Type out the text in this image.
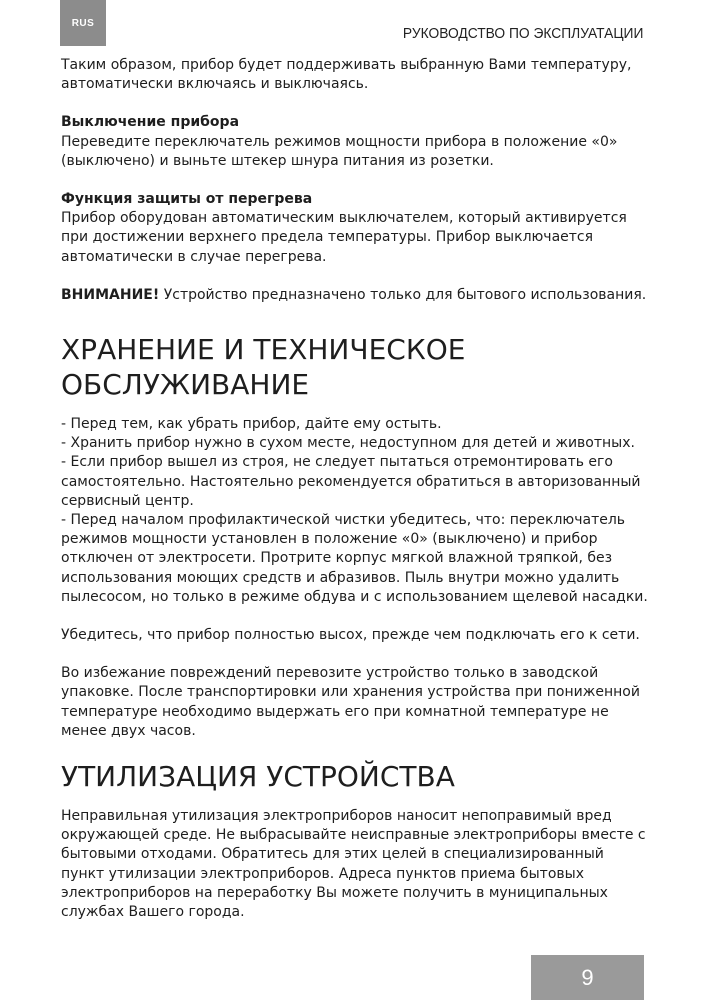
RUS
РУКОВОДСТВО ПО ЭКСПЛУАТАЦИИ

Таким образом, прибор будет поддерживать выбранную Вами температуру, автоматически включаясь и выключаясь.

Выключение прибора

Переведите переключатель режимов мощности прибора в положение «0» (выключено) и выньте штекер шнура питания из розетки.

Функция защиты от перегрева

Прибор оборудован автоматическим выключателем, который активируется при достижении верхнего предела температуры. Прибор выключается автоматически в случае перегрева.

ВНИМАНИЕ! Устройство предназначено только для бытового использования.

ХРАНЕНИЕ И ТЕХНИЧЕСКОЕ ОБСЛУЖИВАНИЕ

- Перед тем, как убрать прибор, дайте ему остыть.

- Хранить прибор нужно в сухом месте, недоступном для детей и животных.

- Если прибор вышел из строя, не следует пытаться отремонтировать его самостоятельно. Настоятельно рекомендуется обратиться в авторизованный сервисный центр.

- Перед началом профилактической чистки убедитесь, что: переключатель режимов мощности установлен в положение «0» (выключено) и прибор отключен от электросети. Протрите корпус мягкой влажной тряпкой, без использования моющих средств и абразивов. Пыль внутри можно удалить пылесосом, но только в режиме обдува и с использованием щелевой насадки.

Убедитесь, что прибор полностью высох, прежде чем подключать его к сети.

Во избежание повреждений перевозите устройство только в заводской упаковке. После транспортировки или хранения устройства при пониженной температуре необходимо выдержать его при комнатной температуре не менее двух часов.

УТИЛИЗАЦИЯ УСТРОЙСТВА

Неправильная утилизация электроприборов наносит непоправимый вред окружающей среде. Не выбрасывайте неисправные электроприборы вместе с бытовыми отходами. Обратитесь для этих целей в специализированный пункт утилизации электроприборов. Адреса пунктов приема бытовых электроприборов на переработку Вы можете получить в муниципальных службах Вашего города.

9
